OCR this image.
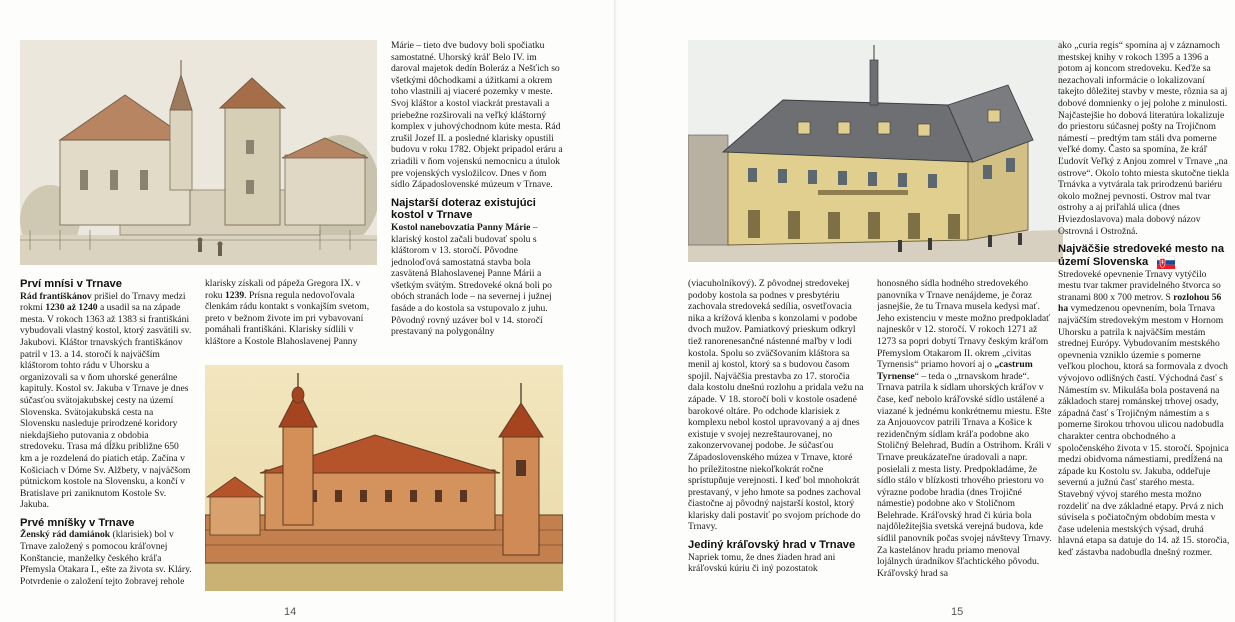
Prví mnísi v Trnave

Rád františkánov prišiel do Trnavy medzi rokmi 1230 až 1240 a usadil sa na západe mesta. V rokoch 1363 až 1383 si františkáni vybudovali vlastný kostol, ktorý zasvätili sv. Jakubovi. Kláštor trnavských františkánov patril v 13. a 14. storočí k najväčším kláštorom tohto rádu v Uhorsku a organizovali sa v ňom uhorské generálne kapituly. Kostol sv. Jakuba v Trnave je dnes súčasťou svätojakubskej cesty na území Slovenska. Svätojakubská cesta na Slovensku nasleduje prirodzené koridory niekdajšieho putovania z obdobia stredoveku. Trasa má dĺžku približne 650 km a je rozdelená do piatich etáp. Začína v Košiciach v Dóme Sv. Alžbety, v najväčšom pútnickom kostole na Slovensku, a končí v Bratislave pri zaniknutom Kostole Sv. Jakuba.

Prvé mníšky v Trnave

Ženský rád damiánok (klarisiek) bol v Trnave založený s pomocou kráľovnej Konštancie, manželky českého kráľa Přemysla Otakara I., ešte za života sv. Kláry. Potvrdenie o založení tejto žobravej rehole

klarisky získali od pápeža Gregora IX. v roku 1239. Prísna regula nedovoľovala členkám rádu kontakt s vonkajším svetom, preto v bežnom živote im pri vybavovaní pomáhali františkáni. Klarisky sídlili v kláštore a Kostole Blahoslavenej Panny

Márie – tieto dve budovy boli spočiatku samostatné. Uhorský kráľ Belo IV. im daroval majetok dedín Boleráz a Nešťich so všetkými dôchodkami a úžitkami a okrem toho vlastnili aj viaceré pozemky v meste. Svoj kláštor a kostol viackrát prestavali a priebežne rozširovali na veľký kláštorný komplex v juhovýchodnom kúte mesta. Rád zrušil Jozef II. a posledné klarisky opustili budovu v roku 1782. Objekt pripadol eráru a zriadili v ňom vojenskú nemocnicu a útulok pre vojenských vysložilcov. Dnes v ňom sídlo Západoslovenské múzeum v Trnave.

Najstarší doteraz existujúci kostol v Trnave

Kostol nanebovzatia Panny Márie – klariský kostol začali budovať spolu s kláštorom v 13. storočí. Pôvodne jednoloďová samostatná stavba bola zasvätená Blahoslavenej Panne Márii a všetkým svätým. Stredoveké okná boli po obóch stranách lode – na severnej i južnej fasáde a do kostola sa vstupovalo z juhu. Pôvodný rovný uzáver bol v 14. storočí prestavaný na polygonálny

14

(viacuholníkový). Z pôvodnej stredovekej podoby kostola sa podnes v presbytériu zachovala stredoveká sedília, osvetľovacia nika a krížová klenba s konzolami v podobe dvoch mužov. Pamiatkový prieskum odkryl tiež ranorenesančné nástenné maľby v lodi kostola. Spolu so zväčšovaním kláštora sa menil aj kostol, ktorý sa s budovou časom spojil. Najväčšia prestavba zo 17. storočia dala kostolu dnešnú rozlohu a pridala vežu na západe. V 18. storočí boli v kostole osadené barokové oltáre. Po odchode klarisiek z komplexu nebol kostol upravovaný a aj dnes existuje v svojej nezreštaurovanej, no zakonzervovanej podobe. Je súčasťou Západoslovenského múzea v Trnave, ktoré ho príležitostne niekoľkokrát ročne sprístupňuje verejnosti. I keď bol mnohokrát prestavaný, v jeho hmote sa podnes zachoval čiastočne aj pôvodný najstarší kostol, ktorý klarisky dali postaviť po svojom príchode do Trnavy.

Jediný kráľovský hrad v Trnave

Napriek tomu, že dnes žiaden hrad ani kráľovskú kúriu či iný pozostatok

honosného sídla hodného stredovekého panovníka v Trnave nenájdeme, je čoraz jasnejšie, že tu Trnava musela kedysi mať. Jeho existenciu v meste možno predpokladať najneskôr v 12. storočí. V rokoch 1271 až 1273 sa popri dobytí Trnavy českým kráľom Přemyslom Otakarom II. okrem „civitas Tyrnensis“ priamo hovorí aj o „castrum Tyrnense“ – teda o „trnavskom hrade“. Trnava patrila k sídlam uhorských kráľov v čase, keď nebolo kráľovské sídlo ustálené a viazané k jednému konkrétnemu miestu. Ešte za Anjouovcov patrili Trnava a Košice k rezidenčným sídlam kráľa podobne ako Stoličný Belehrad, Budín a Ostrihom. Králi v Trnave preukázateľne úradovali a napr. posielali z mesta listy. Predpokladáme, že sídlo stálo v blízkosti trhového priestoru vo výrazne podobe hradia (dnes Trojičné námestie) podobne ako v Stoličnom Belehrade. Kráľovský hrad či kúria bola najdôležitejšia svetská verejná budova, kde sídlil panovník počas svojej návštevy Trnavy. Za kastelánov hradu priamo menoval lojálnych úradníkov šľachtického pôvodu. Kráľovský hrad sa

ako „curia regis“ spomína aj v záznamoch mestskej knihy v rokoch 1395 a 1396 a potom aj koncom stredoveku. Keďže sa nezachovali informácie o lokalizovaní takejto dôležitej stavby v meste, rôznia sa aj dobové domnienky o jej polohe z minulosti. Najčastejšie ho dobová literatúra lokalizuje do priestoru súčasnej pošty na Trojičnom námestí – predtým tam stáli dva pomerne veľké domy. Často sa spomína, že kráľ Ľudovít Veľký z Anjou zomrel v Trnave „na ostrove“. Okolo tohto miesta skutočne tiekla Trnávka a vytvárala tak prirodzenú bariéru okolo možnej pevnosti. Ostrov mal tvar ostrohy a aj priľahlá ulica (dnes Hviezdoslavova) mala dobový názov Ostrovná i Ostrožná.

Najväčšie stredoveké mesto na území Slovenska

Stredoveké opevnenie Trnavy vytýčilo mestu tvar takmer pravidelného štvorca so stranami 800 x 700 metrov. S rozlohou 56 ha vymedzenou opevnením, bola Trnava najväčším stredovekým mestom v Hornom Uhorsku a patrila k najväčším mestám strednej Európy. Vybudovaním mestského opevnenia vzniklo územie s pomerne veľkou plochou, ktorá sa formovala z dvoch vývojovo odlišných častí. Východná časť s Námestím sv. Mikuláša bola postavená na základoch starej románskej trhovej osady, západná časť s Trojičným námestím a s pomerne širokou trhovou ulicou nadobudla charakter centra obchodného a spoločenského života v 15. storočí. Spojnica medzi obidvoma námestiami, predĺžená na západe ku Kostolu sv. Jakuba, oddeľuje severnú a južnú časť starého mesta. Stavebný vývoj starého mesta možno rozdeliť na dve základné etapy. Prvá z nich súvisela s počiatočným obdobím mesta v čase udelenia mestských výsad, druhá hlavná etapa sa datuje do 14. až 15. storočia, keď zástavba nadobudla dnešný rozmer.

15
